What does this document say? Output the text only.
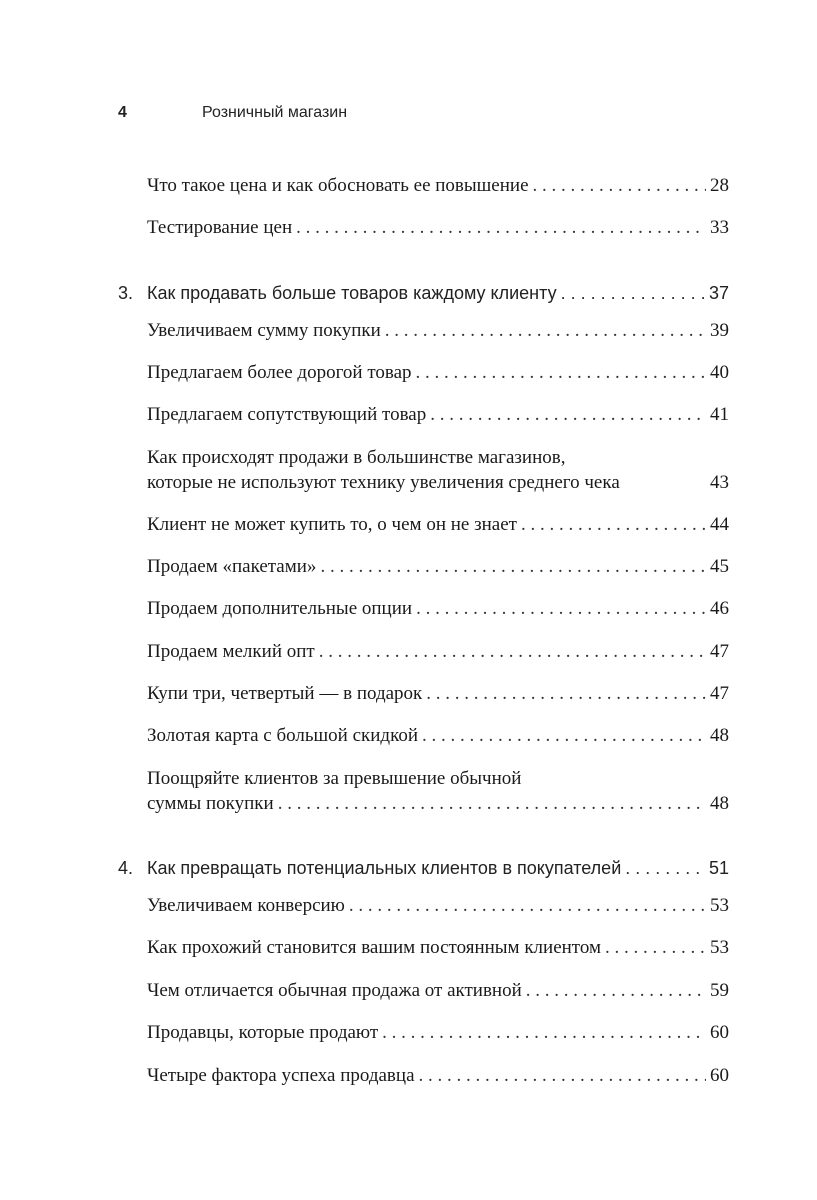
4	Розничный магазин
Что такое цена и как обосновать ее повышение . . .	28
Тестирование цен . . .	33
3. Как продавать больше товаров каждому клиенту . . .	37
Увеличиваем сумму покупки . . .	39
Предлагаем более дорогой товар . . .	40
Предлагаем сопутствующий товар . . .	41
Как происходят продажи в большинстве магазинов,
которые не используют технику увеличения среднего чека	43
Клиент не может купить то, о чем он не знает . . .	44
Продаем «пакетами» . . .	45
Продаем дополнительные опции . . .	46
Продаем мелкий опт . . .	47
Купи три, четвертый — в подарок . . .	47
Золотая карта с большой скидкой . . .	48
Поощряйте клиентов за превышение обычной
суммы покупки . . .	48
4. Как превращать потенциальных клиентов в покупателей . . .	51
Увеличиваем конверсию . . .	53
Как прохожий становится вашим постоянным клиентом . . .	53
Чем отличается обычная продажа от активной . . .	59
Продавцы, которые продают . . .	60
Четыре фактора успеха продавца . . .	60
